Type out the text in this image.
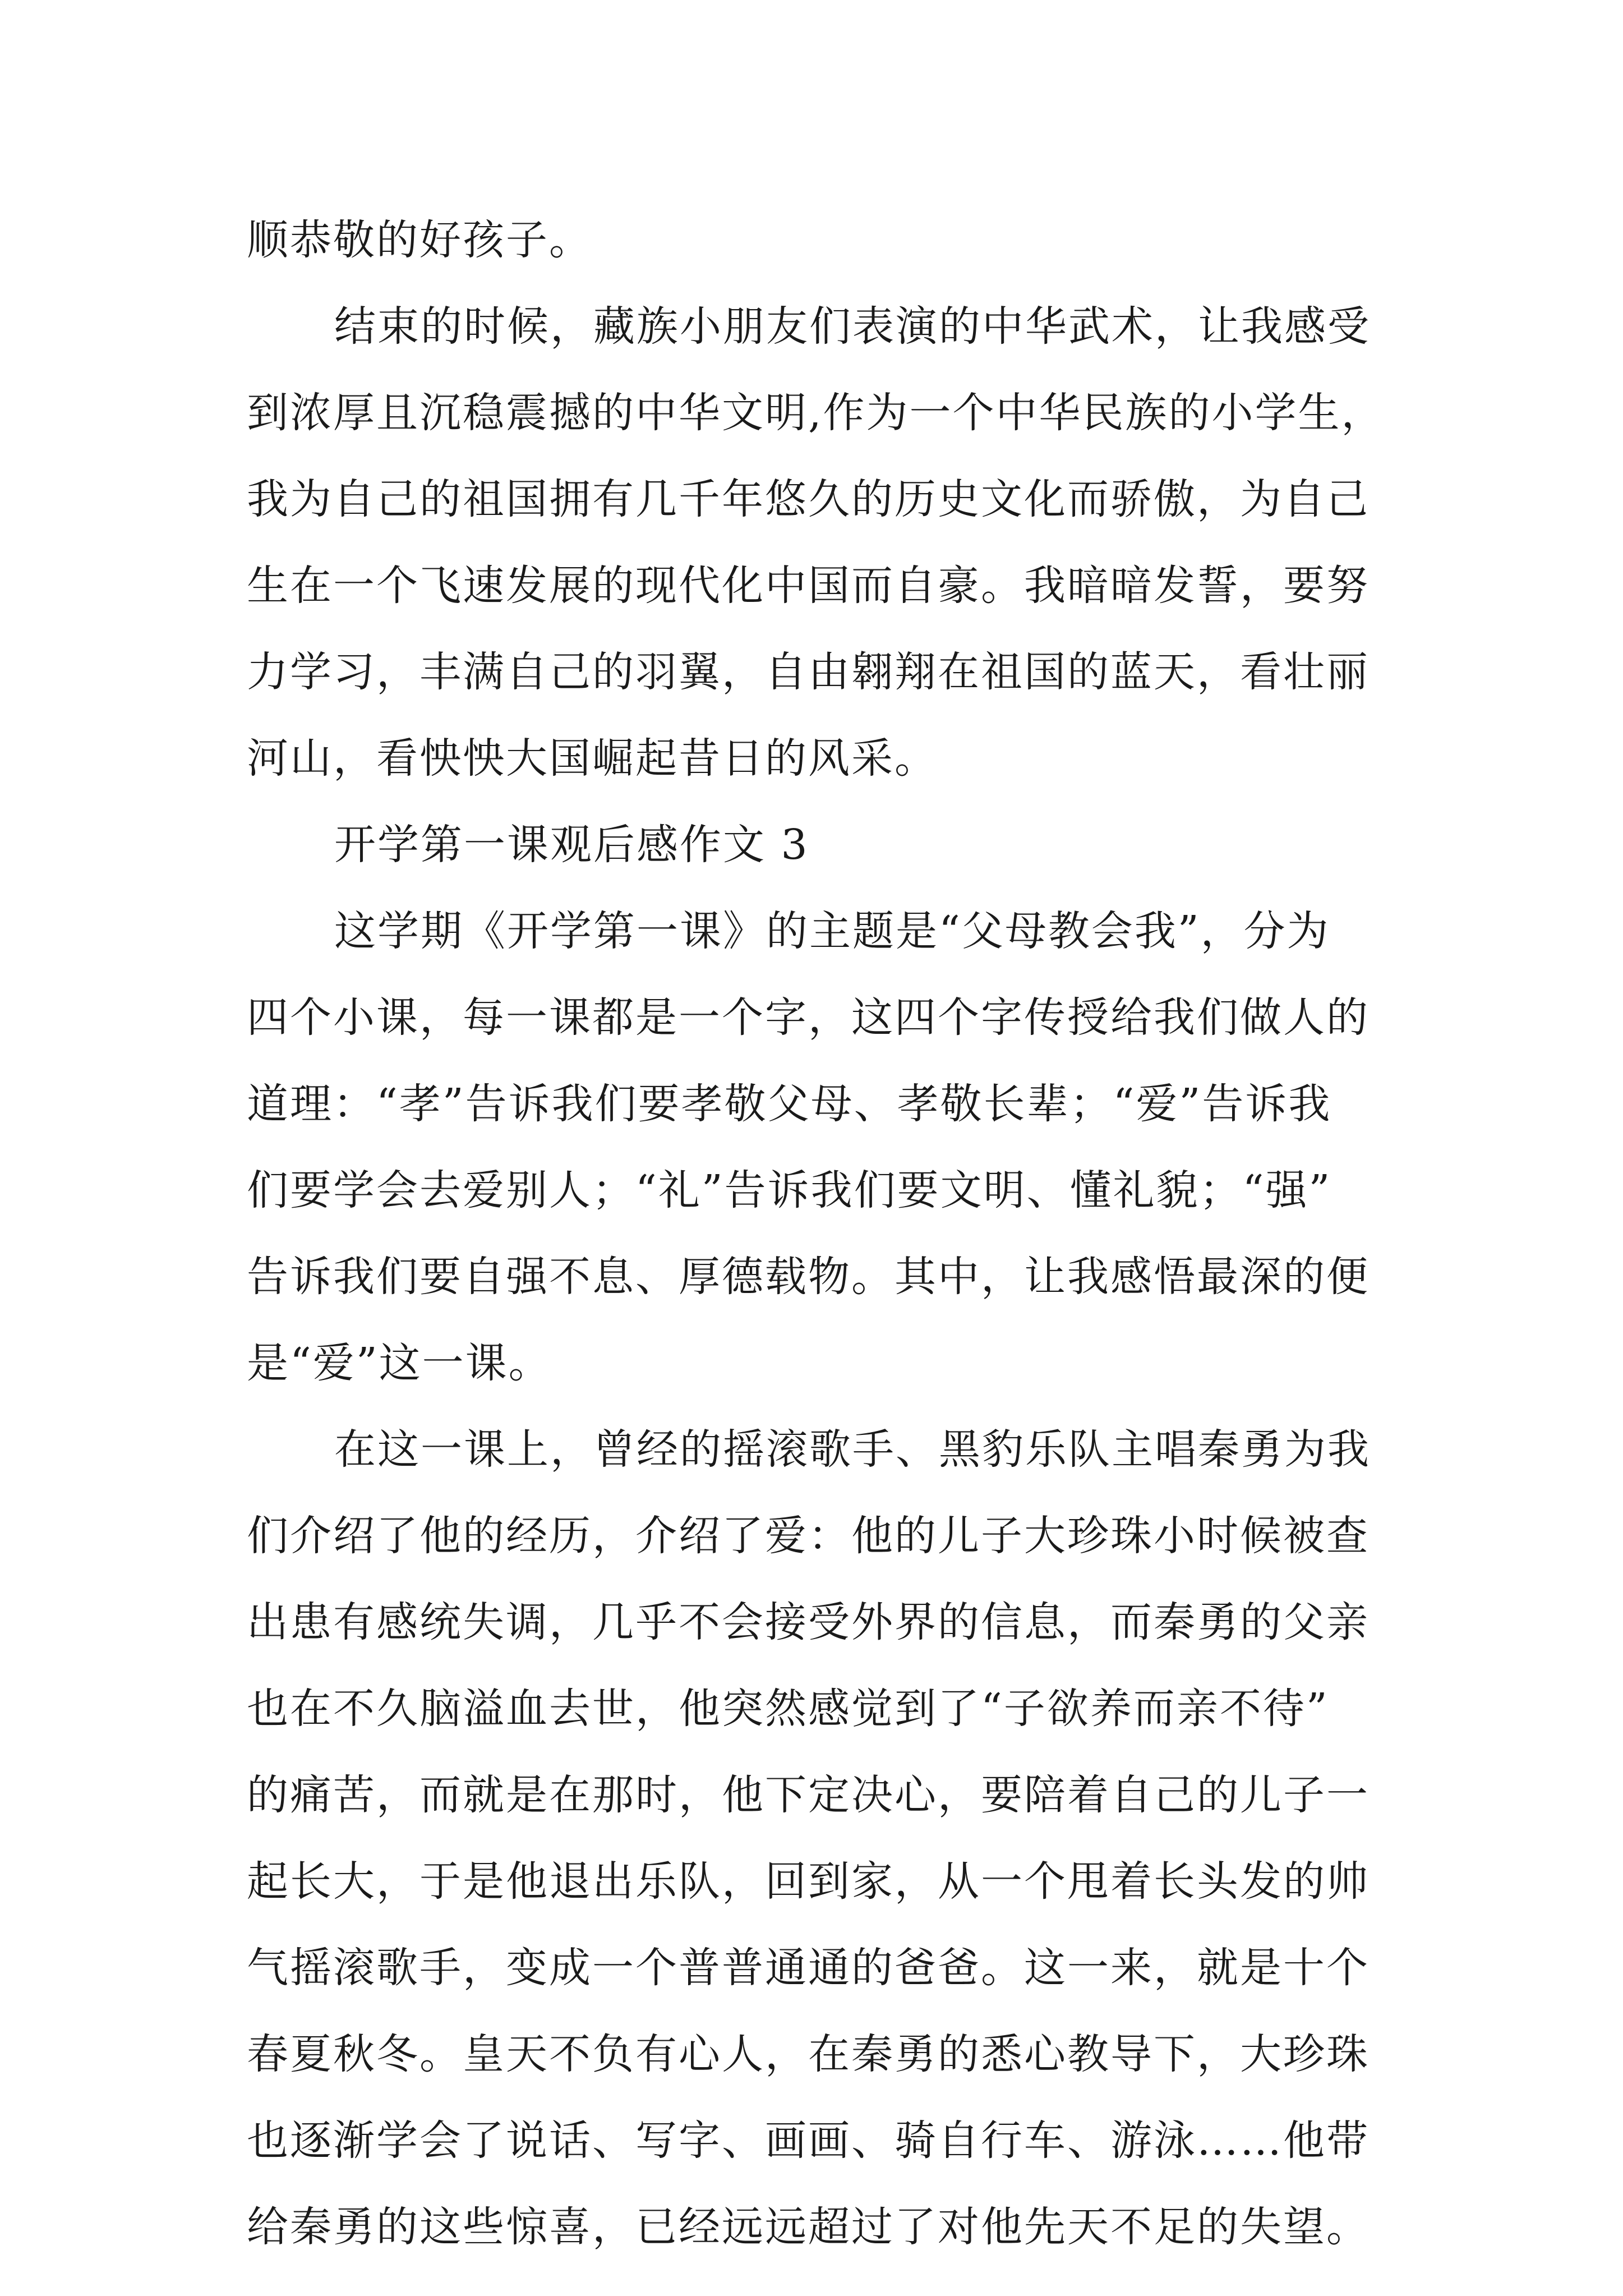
顺恭敬的好孩子。
结束的时候，藏族小朋友们表演的中华武术，让我感受
到浓厚且沉稳震撼的中华文明,作为一个中华民族的小学生，
我为自己的祖国拥有几千年悠久的历史文化而骄傲，为自己
生在一个飞速发展的现代化中国而自豪。我暗暗发誓，要努
力学习，丰满自己的羽翼，自由翱翔在祖国的蓝天，看壮丽
河山，看怏怏大国崛起昔日的风采。
开学第一课观后感作文 3
这学期《开学第一课》的主题是“父母教会我”，分为
四个小课，每一课都是一个字，这四个字传授给我们做人的
道理：“孝”告诉我们要孝敬父母、孝敬长辈；“爱”告诉我
们要学会去爱别人；“礼”告诉我们要文明、懂礼貌；“强”
告诉我们要自强不息、厚德载物。其中，让我感悟最深的便
是“爱”这一课。
在这一课上，曾经的摇滚歌手、黑豹乐队主唱秦勇为我
们介绍了他的经历，介绍了爱：他的儿子大珍珠小时候被查
出患有感统失调，几乎不会接受外界的信息，而秦勇的父亲
也在不久脑溢血去世，他突然感觉到了“子欲养而亲不待”
的痛苦，而就是在那时，他下定决心，要陪着自己的儿子一
起长大，于是他退出乐队，回到家，从一个甩着长头发的帅
气摇滚歌手，变成一个普普通通的爸爸。这一来，就是十个
春夏秋冬。皇天不负有心人，在秦勇的悉心教导下，大珍珠
也逐渐学会了说话、写字、画画、骑自行车、游泳……他带
给秦勇的这些惊喜，已经远远超过了对他先天不足的失望。
